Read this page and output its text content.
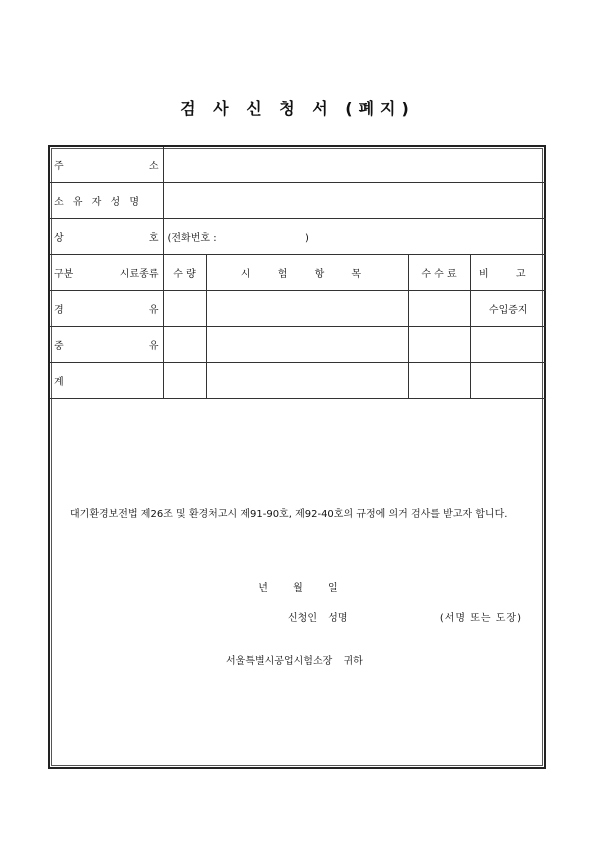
검 사 신 청 서 (폐지)
주 소				

소 유 자 성 명				

상 호	(전화번호 : )			

구분 시료종류	수 량	시 험 항 목	수 수 료	비 고

경 유				수입증지

중 유				

계				
대기환경보전법 제26조 및 환경처고시 제91-90호, 제92-40호의 규정에 의거 검사를 받고자 합니다.
년	월	일
신청인 성명	(서명 또는 도장)
서울특별시공업시험소장 귀하
